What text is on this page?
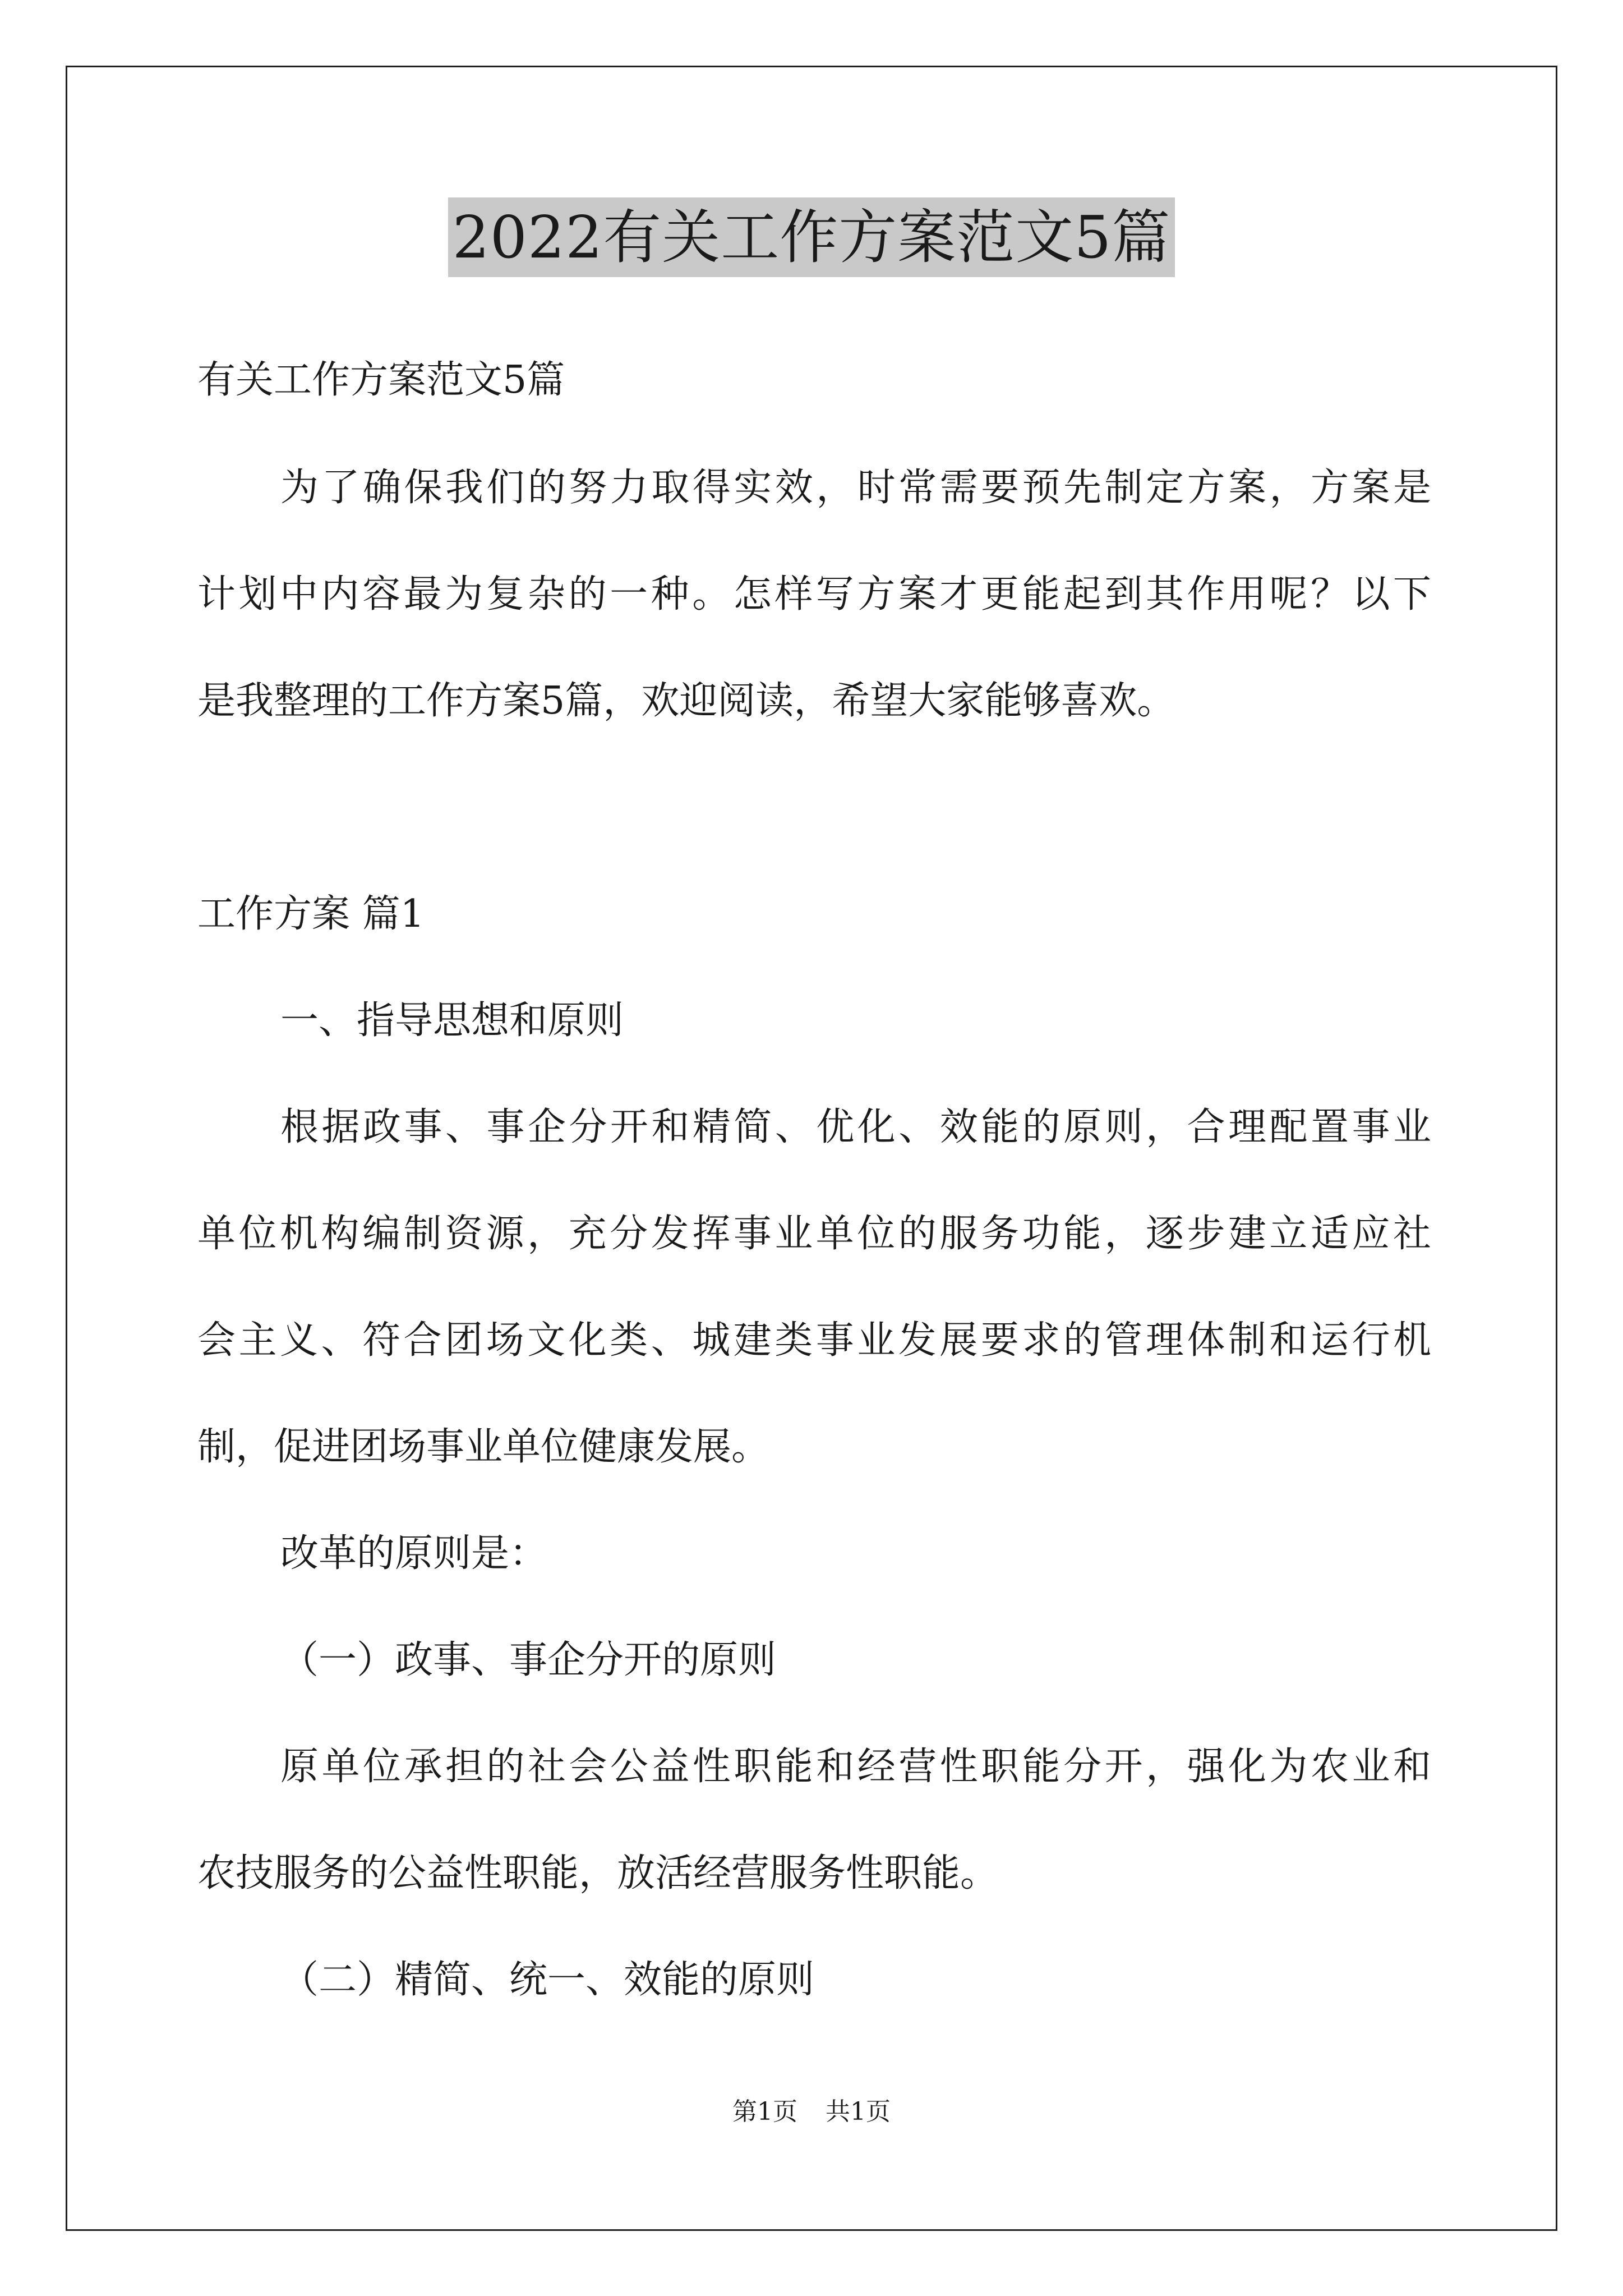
2022有关工作方案范文5篇
有关工作方案范文5篇
为了确保我们的努力取得实效，时常需要预先制定方案，方案是
计划中内容最为复杂的一种。怎样写方案才更能起到其作用呢？以下
是我整理的工作方案5篇，欢迎阅读，希望大家能够喜欢。
工作方案 篇1
一、指导思想和原则
根据政事、事企分开和精简、优化、效能的原则，合理配置事业
单位机构编制资源，充分发挥事业单位的服务功能，逐步建立适应社
会主义、符合团场文化类、城建类事业发展要求的管理体制和运行机
制，促进团场事业单位健康发展。
改革的原则是：
（一）政事、事企分开的原则
原单位承担的社会公益性职能和经营性职能分开，强化为农业和
农技服务的公益性职能，放活经营服务性职能。
（二）精简、统一、效能的原则
第1页 共1页
